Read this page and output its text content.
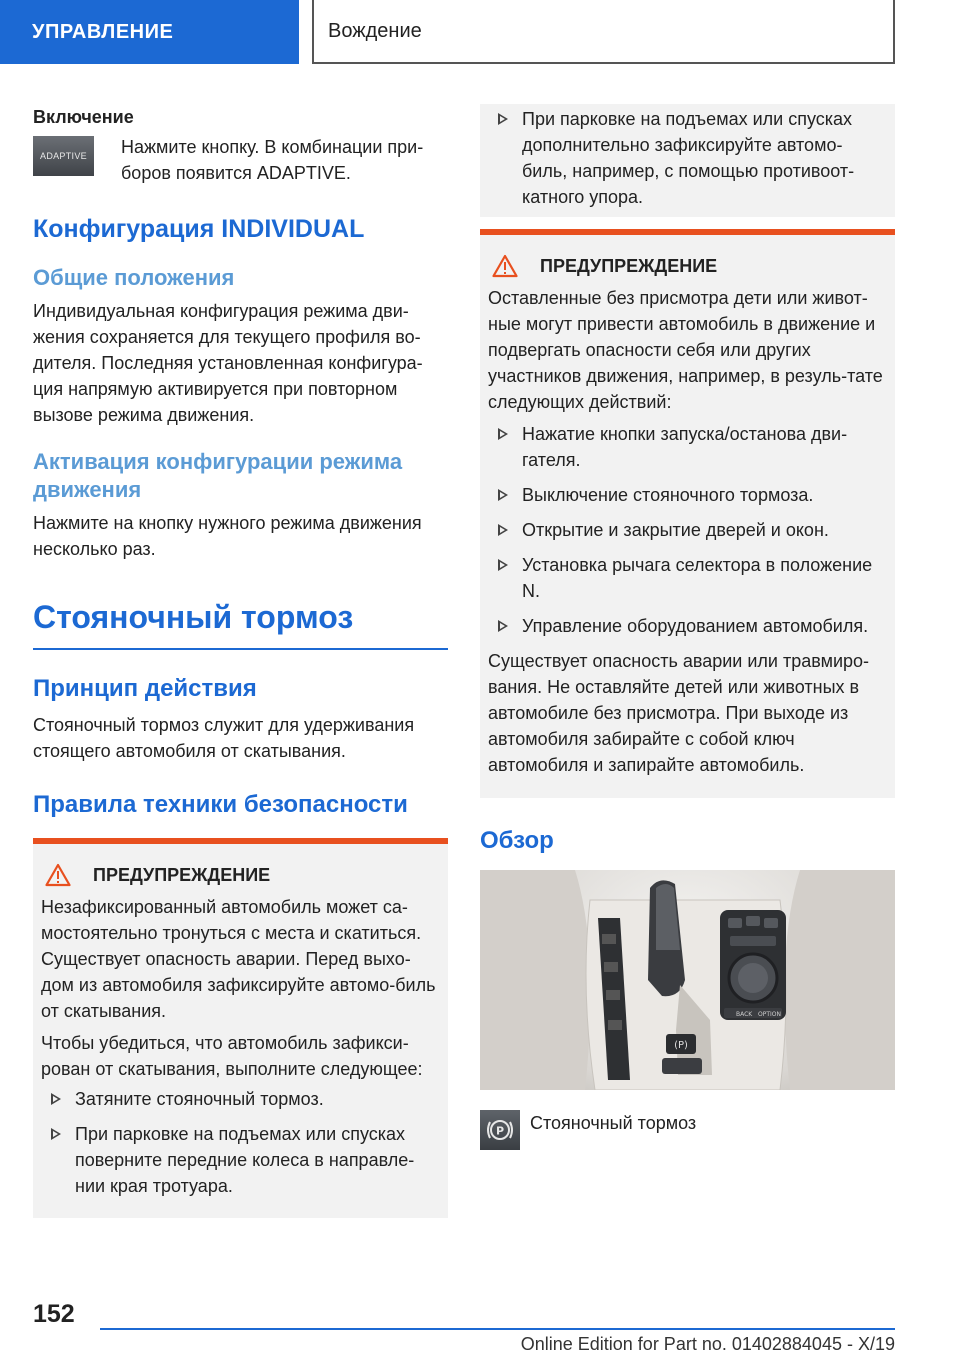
УПРАВЛЕНИЕ	Вождение
Включение
ADAPTIVE	Нажмите кнопку. В комбинации при-боров появится ADAPTIVE.

Конфигурация INDIVIDUAL
Общие положения

Индивидуальная конфигурация режима дви-жения сохраняется для текущего профиля во-дителя. Последняя установленная конфигура-ция напрямую активируется при повторном вызове режима движения.

Активация конфигурации режима движения

Нажмите на кнопку нужного режима движения несколько раз.

Стояночный тормоз
Принцип действия

Стояночный тормоз служит для удерживания стоящего автомобиля от скатывания.

Правила техники безопасности
ПРЕДУПРЕЖДЕНИЕ

Незафиксированный автомобиль может са-мостоятельно тронуться с места и скатиться. Существует опасность аварии. Перед выхо-дом из автомобиля зафиксируйте автомо-биль от скатывания.

Чтобы убедиться, что автомобиль зафикси-рован от скатывания, выполните следующее:

Затяните стояночный тормоз.
При парковке на подъемах или спусках поверните передние колеса в направле-нии края тротуара.
При парковке на подъемах или спусках дополнительно зафиксируйте автомо-биль, например, с помощью противоот-катного упора.
ПРЕДУПРЕЖДЕНИЕ

Оставленные без присмотра дети или живот-ные могут привести автомобиль в движение и подвергать опасности себя или других участников движения, например, в резуль-тате следующих действий:

Нажатие кнопки запуска/останова дви-гателя.
Выключение стояночного тормоза.
Открытие и закрытие дверей и окон.
Установка рычага селектора в положение N.
Управление оборудованием автомобиля.

Существует опасность аварии или травмиро-вания. Не оставляйте детей или животных в автомобиле без присмотра. При выходе из автомобиля забирайте с собой ключ автомобиля и запирайте автомобиль.

Обзор
(P)
BACK OPTION
P Стояночный тормоз
152
Online Edition for Part no. 01402884045 - X/19
